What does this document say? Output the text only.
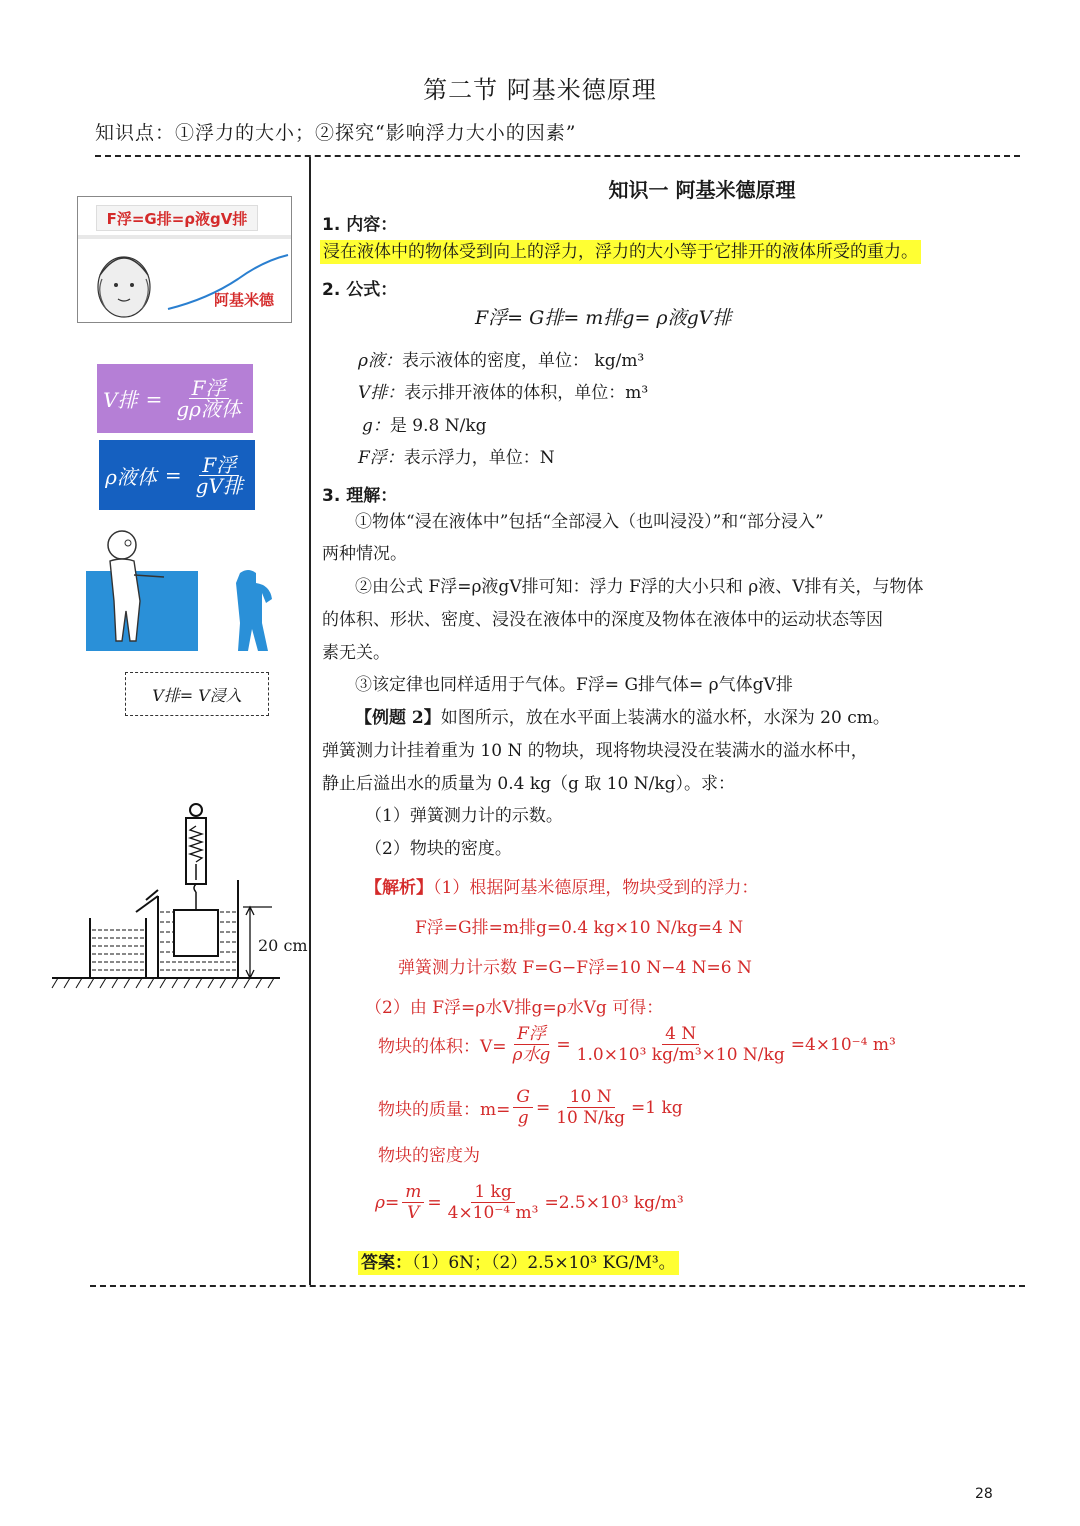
第二节 阿基米德原理
知识点：①浮力的大小；②探究“影响浮力大小的因素”
F浮=G排=ρ液gV排
阿基米德
V排 = $\frac{\text{F浮}}{\text{gρ液体}}$
ρ液体 = $\frac{\text{F浮}}{\text{gV排}}$
V排= V浸入
20 cm
知识一 阿基米德原理
1. 内容：
浸在液体中的物体受到向上的浮力，浮力的大小等于它排开的液体所受的重力。
2. 公式：
F浮= G排= m排g= ρ液gV排
ρ液：表示液体的密度，单位： kg/m³
V排：表示排开液体的体积，单位：m³
g：是 9.8 N/kg
F浮：表示浮力，单位：N
3. 理解：
①物体“浸在液体中”包括“全部浸入（也叫浸没）”和“部分浸入”
两种情况。
②由公式 F浮=ρ液gV排可知：浮力 F浮的大小只和 ρ液、V排有关，与物体
的体积、形状、密度、浸没在液体中的深度及物体在液体中的运动状态等因
素无关。
③该定律也同样适用于气体。F浮= G排气体= ρ气体gV排
【例题 2】如图所示，放在水平面上装满水的溢水杯，水深为 20 cm。
弹簧测力计挂着重为 10 N 的物块，现将物块浸没在装满水的溢水杯中，
静止后溢出水的质量为 0.4 kg（g 取 10 N/kg）。求：
（1）弹簧测力计的示数。
（2）物块的密度。
【解析】（1）根据阿基米德原理，物块受到的浮力：
F浮=G排=m排g=0.4 kg×10 N/kg=4 N
弹簧测力计示数 F=G−F浮=10 N−4 N=6 N
（2）由 F浮=ρ水V排g=ρ水Vg 可得：
物块的体积：$V= \frac{\text{F浮}}{\text{ρ水g}} = \frac{4 N}{\text{1.0×10³ kg/m³×10 N/kg}} =4\times 10^{-4}$ m³
物块的质量：$m= \frac{G}{g} = \frac{10 N}{10 N/kg} =1$ kg
物块的密度为
$\rho= \frac{m}{V} = \frac{1 kg}{\text{4×10⁻⁴ m³}} =2.5\times 10^3$ kg/m³
答案：（1）6N；（2）2.5×10³ KG/M³。
28
